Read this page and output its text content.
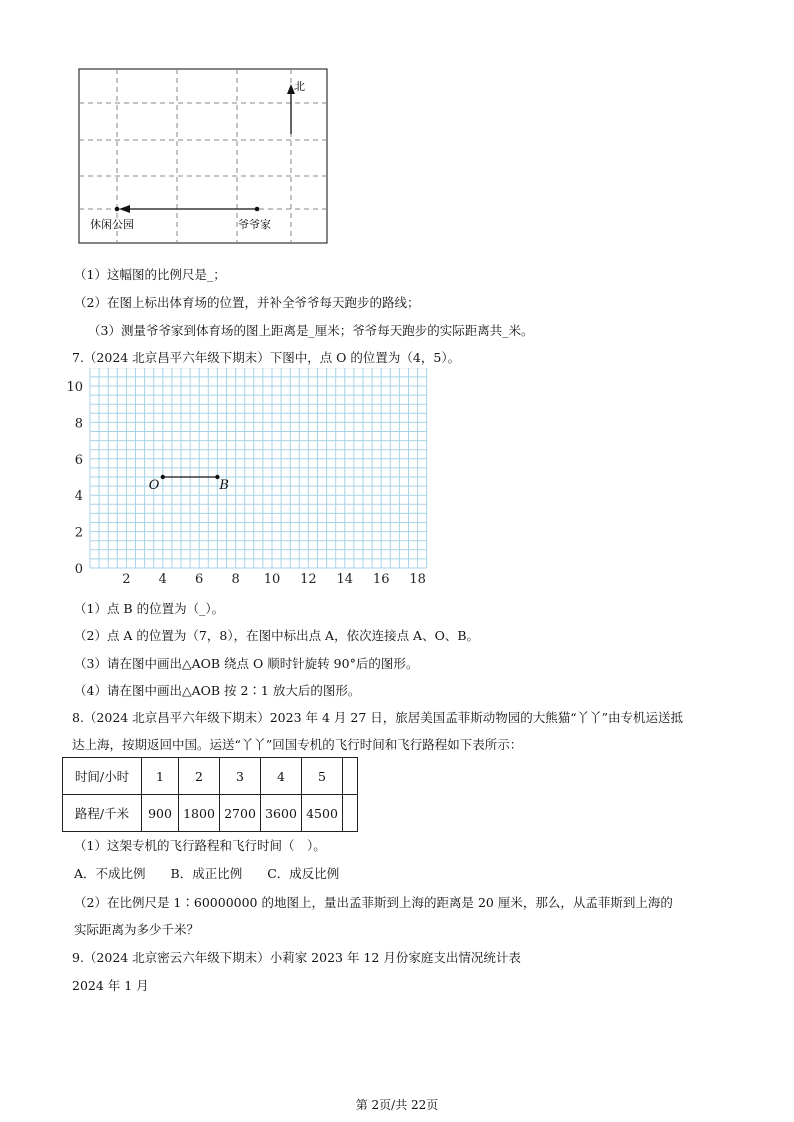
北
休闲公园	爷爷家
（1）这幅图的比例尺是_；
（2）在图上标出体育场的位置，并补全爷爷每天跑步的路线；
（3）测量爷爷家到体育场的图上距离是_厘米；爷爷每天跑步的实际距离共_米。
7.（2024 北京昌平六年级下期末）下图中，点 O 的位置为（4，5）。
2 4 6 8 10 12 14 16 18
0
2
4
6
8
10
O	B
（1）点 B 的位置为（_）。
（2）点 A 的位置为（7，8），在图中标出点 A，依次连接点 A、O、B。
（3）请在图中画出△AOB 绕点 O 顺时针旋转 90°后的图形。
（4）请在图中画出△AOB 按 2∶1 放大后的图形。
8.（2024 北京昌平六年级下期末）2023 年 4 月 27 日，旅居美国孟菲斯动物园的大熊猫“丫丫”由专机运送抵
达上海，按期返回中国。运送“丫丫”回国专机的飞行时间和飞行路程如下表所示：
时间/小时	1	2	3	4	5	
路程/千米	900	1800	2700	3600	4500	
（1）这架专机的飞行路程和飞行时间（　）。
A．不成比例　　B．成正比例　　C．成反比例
（2）在比例尺是 1∶60000000 的地图上，量出孟菲斯到上海的距离是 20 厘米，那么，从孟菲斯到上海的
实际距离为多少千米？
9.（2024 北京密云六年级下期末）小莉家 2023 年 12 月份家庭支出情况统计表
2024 年 1 月
第 2页/共 22页
